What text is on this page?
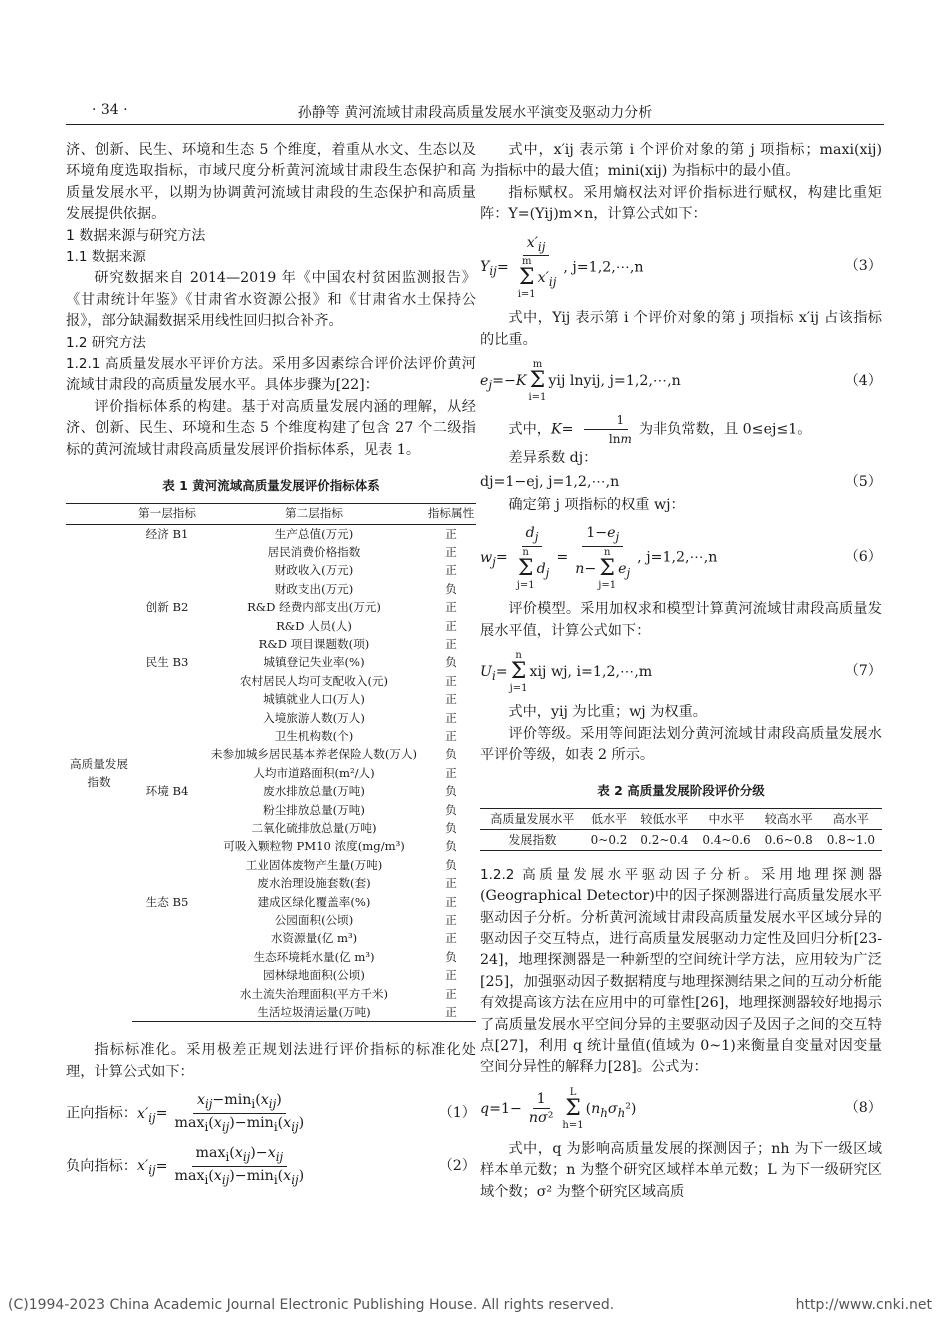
· 34 ·	孙静等 黄河流域甘肃段高质量发展水平演变及驱动力分析

济、创新、民生、环境和生态 5 个维度，着重从水文、生态以及环境角度选取指标，市域尺度分析黄河流域甘肃段生态保护和高质量发展水平，以期为协调黄河流域甘肃段的生态保护和高质量发展提供依据。

1 数据来源与研究方法

1.1 数据来源

研究数据来自 2014—2019 年《中国农村贫困监测报告》《甘肃统计年鉴》《甘肃省水资源公报》和《甘肃省水土保持公报》，部分缺漏数据采用线性回归拟合补齐。

1.2 研究方法

1.2.1 高质量发展水平评价方法。采用多因素综合评价法评价黄河流域甘肃段的高质量发展水平。具体步骤为[22]：

评价指标体系的构建。基于对高质量发展内涵的理解，从经济、创新、民生、环境和生态 5 个维度构建了包含 27 个二级指标的黄河流域甘肃段高质量发展评价指标体系，见表 1。

表 1 黄河流域高质量发展评价指标体系
	第一层指标	第二层指标	指标属性
高质量发展指数	经济 B1	生产总值(万元)	正
		居民消费价格指数	正
		财政收入(万元)	正
		财政支出(万元)	负
	创新 B2	R&D 经费内部支出(万元)	正
		R&D 人员(人)	正
		R&D 项目课题数(项)	正
	民生 B3	城镇登记失业率(%)	负
		农村居民人均可支配收入(元)	正
		城镇就业人口(万人)	正
		入境旅游人数(万人)	正
		卫生机构数(个)	正
		未参加城乡居民基本养老保险人数(万人)	负
		人均市道路面积(m²/人)	正
	环境 B4	废水排放总量(万吨)	负
		粉尘排放总量(万吨)	负
		二氧化硫排放总量(万吨)	负
		可吸入颗粒物 PM10 浓度(mg/m³)	负
		工业固体废物产生量(万吨)	负
		废水治理设施套数(套)	正
	生态 B5	建成区绿化覆盖率(%)	正
		公园面积(公顷)	正
		水资源量(亿 m³)	正
		生态环境耗水量(亿 m³)	负
		园林绿地面积(公顷)	正
		水土流失治理面积(平方千米)	正
		生活垃圾清运量(万吨)	正

指标标准化。采用极差正规划法进行评价指标的标准化处理，计算公式如下：

正向指标：$x'_{ij}= \frac{x_{ij}-\min_i(x_{ij})}{\max_i(x_{ij})-\min_i(x_{ij})}$	（1）
负向指标：$x'_{ij}= \frac{\max_i(x_{ij})-x_{ij}}{\max_i(x_{ij})-\min_i(x_{ij})}$	（2）

式中，x′ij 表示第 i 个评价对象的第 j 项指标；maxi(xij) 为指标中的最大值；mini(xij) 为指标中的最小值。

指标赋权。采用熵权法对评价指标进行赋权，构建比重矩阵：Y=(Yij)m×n，计算公式如下：

$Y_{ij}= x'_{ij}$
m
Σ
i=1
$x'_{ij}$ , j=1,2,⋯,n	（3）

式中，Yij 表示第 i 个评价对象的第 j 项指标 x′ij 占该指标的比重。

$e_j=-K$
m
Σ
i=1
yij lnyij, j=1,2,⋯,n	（4）

式中，$K= \frac{1}{\ln m}$ 为非负常数，且 0≤ej≤1。

差异系数 dj：

dj=1−ej, j=1,2,⋯,n	（5）

确定第 j 项指标的权重 wj：

$w_j= d_j$
n
Σ
j=1
$d_j = 1-e_j$
n−
n
Σ
j=1
$e_j$ , j=1,2,⋯,n	（6）

评价模型。采用加权求和模型计算黄河流域甘肃段高质量发展水平值，计算公式如下：

$U_i=$
n
Σ
j=1
xij wj, i=1,2,⋯,m	（7）

式中，yij 为比重；wj 为权重。

评价等级。采用等间距法划分黄河流域甘肃段高质量发展水平评价等级，如表 2 所示。

表 2 高质量发展阶段评价分级
高质量发展水平	低水平	较低水平	中水平	较高水平	高水平
发展指数	0~0.2	0.2~0.4	0.4~0.6	0.6~0.8	0.8~1.0

1.2.2 高质量发展水平驱动因子分析。采用地理探测器(Geographical Detector)中的因子探测器进行高质量发展水平驱动因子分析。分析黄河流域甘肃段高质量发展水平区域分异的驱动因子交互特点，进行高质量发展驱动力定性及回归分析[23-24]，地理探测器是一种新型的空间统计学方法，应用较为广泛[25]，加强驱动因子数据精度与地理探测结果之间的互动分析能有效提高该方法在应用中的可靠性[26]，地理探测器较好地揭示了高质量发展水平空间分异的主要驱动因子及因子之间的交互特点[27]，利用 q 统计量值(值域为 0~1)来衡量自变量对因变量空间分异性的解释力[28]。公式为：

$q=1- \frac{1}{\text{nσ²}}$ L
Σ
h=1
$(n_h\sigma_h^2)$	（8）

式中，q 为影响高质量发展的探测因子；nh 为下一级区域样本单元数；n 为整个研究区域样本单元数；L 为下一级研究区域个数；σ² 为整个研究区域高质

(C)1994-2023 China Academic Journal Electronic Publishing House. All rights reserved.	http://www.cnki.net
